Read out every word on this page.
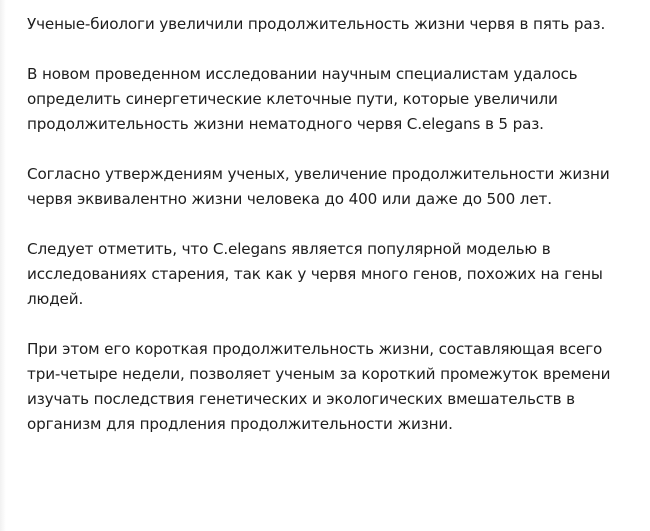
Ученые-биологи увеличили продолжительность жизни червя в пять раз.

В новом проведенном исследовании научным специалистам удалось определить синергетические клеточные пути, которые увеличили продолжительность жизни нематодного червя C.elegans в 5 раз.

Согласно утверждениям ученых, увеличение продолжительности жизни червя эквивалентно жизни человека до 400 или даже до 500 лет.

Следует отметить, что C.elegans является популярной моделью в исследованиях старения, так как у червя много генов, похожих на гены людей.

При этом его короткая продолжительность жизни, составляющая всего три-четыре недели, позволяет ученым за короткий промежуток времени изучать последствия генетических и экологических вмешательств в организм для продления продолжительности жизни.
